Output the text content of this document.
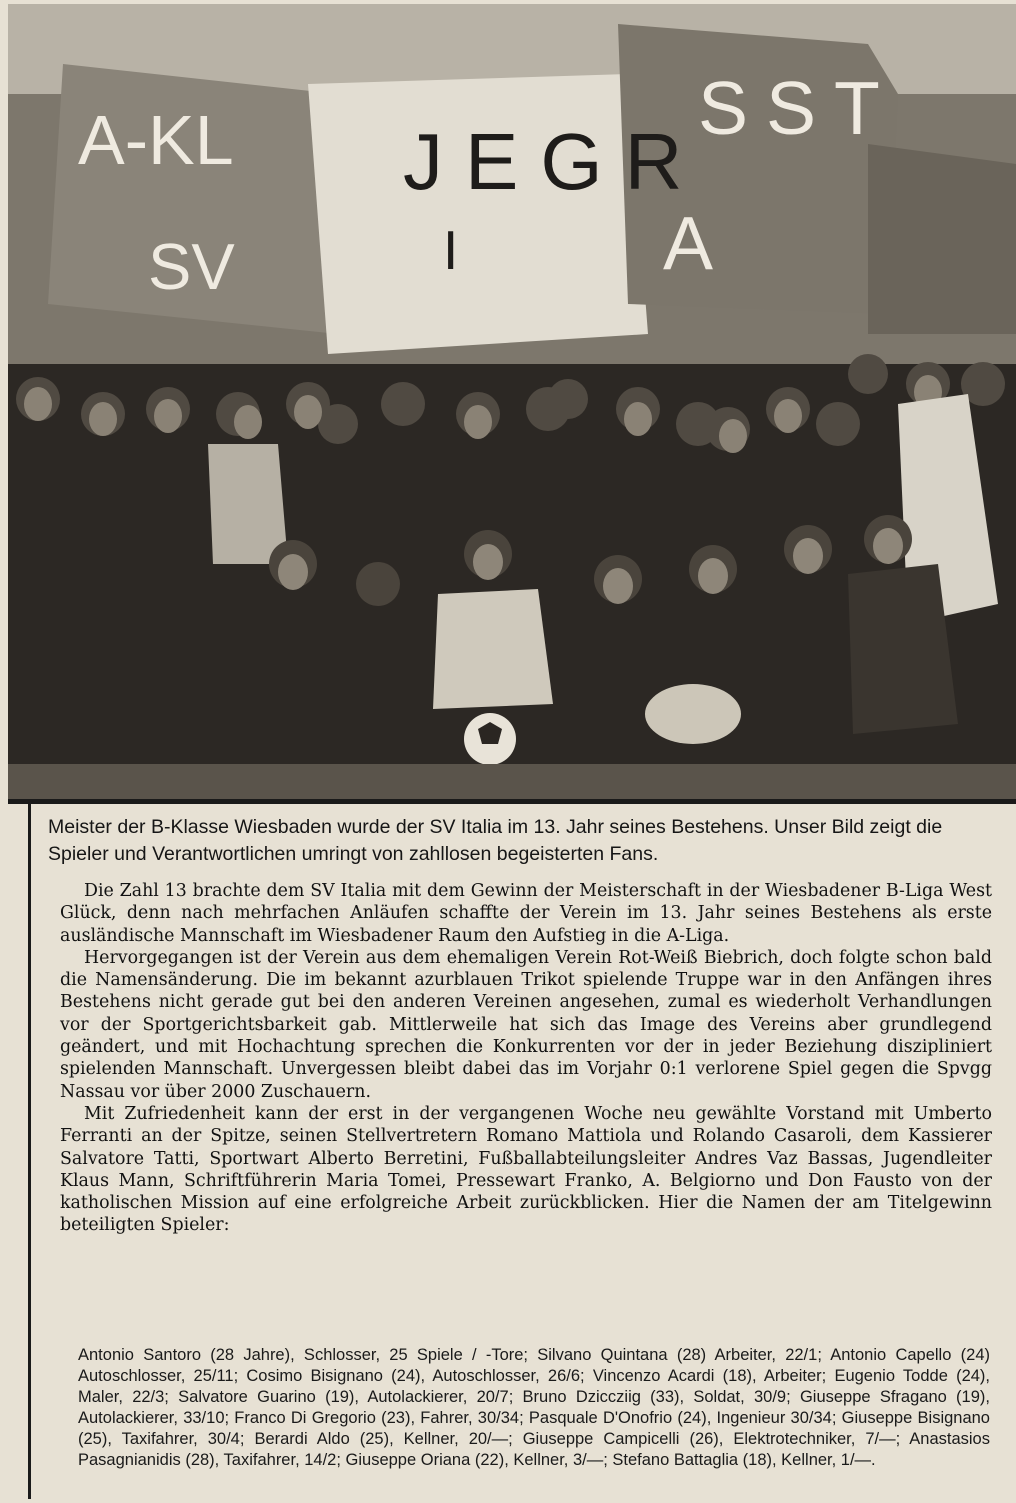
A-KL JEGR
SST
SV	I	A

Meister der B-Klasse Wiesbaden wurde der SV Italia im 13. Jahr seines Bestehens. Unser Bild zeigt die Spieler und Verantwortlichen umringt von zahllosen begeisterten Fans.

Die Zahl 13 brachte dem SV Italia mit dem Gewinn der Meisterschaft in der Wiesbadener B-Liga West Glück, denn nach mehrfachen Anläufen schaffte der Verein im 13. Jahr seines Bestehens als erste ausländische Mannschaft im Wiesbadener Raum den Aufstieg in die A-Liga.

Hervorgegangen ist der Verein aus dem ehemaligen Verein Rot-Weiß Biebrich, doch folgte schon bald die Namensänderung. Die im bekannt azurblauen Trikot spielende Truppe war in den Anfängen ihres Bestehens nicht gerade gut bei den anderen Vereinen angesehen, zumal es wiederholt Verhandlungen vor der Sportgerichtsbarkeit gab. Mittlerweile hat sich das Image des Vereins aber grundlegend geändert, und mit Hochachtung sprechen die Konkurrenten vor der in jeder Beziehung diszipliniert spielenden Mannschaft. Unvergessen bleibt dabei das im Vorjahr 0:1 verlorene Spiel gegen die Spvgg Nassau vor über 2000 Zuschauern.

Mit Zufriedenheit kann der erst in der vergangenen Woche neu gewählte Vorstand mit Umberto Ferranti an der Spitze, seinen Stellvertretern Romano Mattiola und Rolando Casaroli, dem Kassierer Salvatore Tatti, Sportwart Alberto Berretini, Fußballabteilungsleiter Andres Vaz Bassas, Jugendleiter Klaus Mann, Schriftführerin Maria Tomei, Pressewart Franko, A. Belgiorno und Don Fausto von der katholischen Mission auf eine erfolgreiche Arbeit zurückblicken. Hier die Namen der am Titelgewinn beteiligten Spieler:

Antonio Santoro (28 Jahre), Schlosser, 25 Spiele / -Tore; Silvano Quintana (28) Arbeiter, 22/1; Antonio Capello (24) Autoschlosser, 25/11; Cosimo Bisignano (24), Autoschlosser, 26/6; Vincenzo Acardi (18), Arbeiter; Eugenio Todde (24), Maler, 22/3; Salvatore Guarino (19), Autolackierer, 20/7; Bruno Dziccziig (33), Soldat, 30/9; Giuseppe Sfragano (19), Autolackierer, 33/10; Franco Di Gregorio (23), Fahrer, 30/34; Pasquale D'Onofrio (24), Ingenieur 30/34; Giuseppe Bisignano (25), Taxifahrer, 30/4; Berardi Aldo (25), Kellner, 20/—; Giuseppe Campicelli (26), Elektrotechniker, 7/—; Anastasios Pasagnianidis (28), Taxifahrer, 14/2; Giuseppe Oriana (22), Kellner, 3/—; Stefano Battaglia (18), Kellner, 1/—.
